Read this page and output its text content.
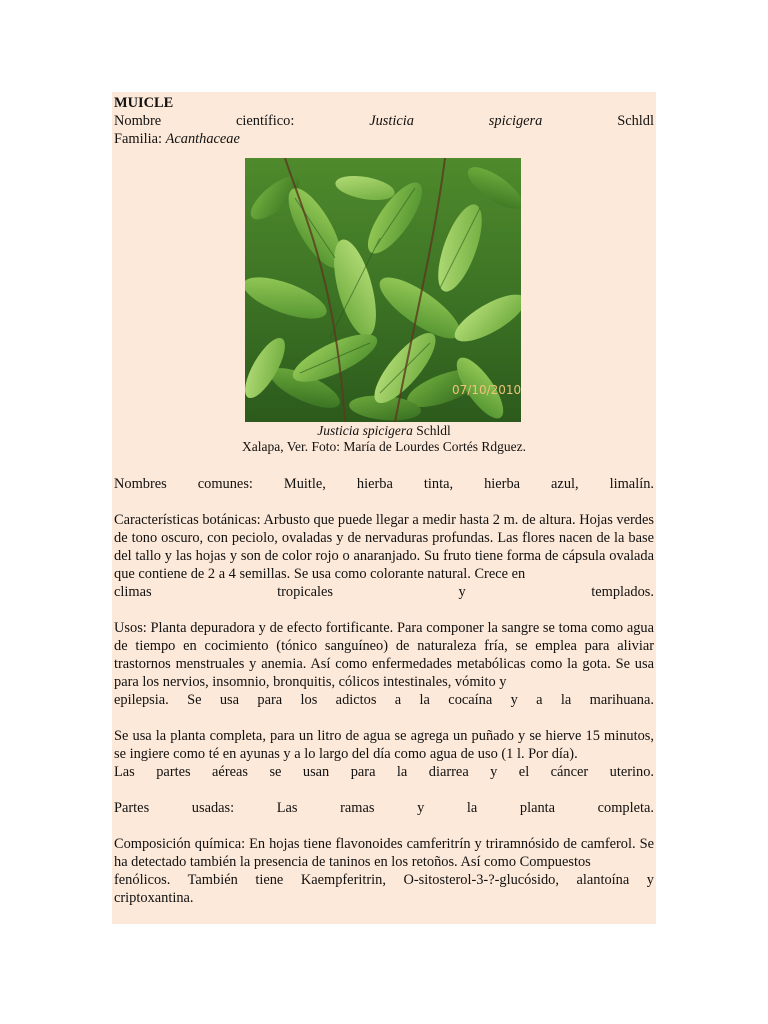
MUICLE

Nombre	científico:	Justicia	spicigera	Schldl

Familia: Acanthaceae

07/10/2010

Justicia spicigera Schldl

Xalapa, Ver. Foto: María de Lourdes Cortés Rdguez.

Nombres comunes: Muitle, hierba tinta, hierba azul, limalín.

Características botánicas: Arbusto que puede llegar a medir hasta 2 m. de altura. Hojas verdes de tono oscuro, con peciolo, ovaladas y de nervaduras profundas. Las flores nacen de la base del tallo y las hojas y son de color rojo o anaranjado. Su fruto tiene forma de cápsula ovalada que contiene de 2 a 4 semillas. Se usa como colorante natural. Crece en
climas tropicales y templados.
Usos: Planta depuradora y de efecto fortificante. Para componer la sangre se toma como agua de tiempo en cocimiento (tónico sanguíneo) de naturaleza fría, se emplea para aliviar trastornos menstruales y anemia. Así como enfermedades metabólicas como la gota. Se usa para los nervios, insomnio, bronquitis, cólicos intestinales, vómito y
epilepsia. Se usa para los adictos a la cocaína y a la marihuana.
Se usa la planta completa, para un litro de agua se agrega un puñado y se hierve 15 minutos, se ingiere como té en ayunas y a lo largo del día como agua de uso (1 l. Por día).
Las partes aéreas se usan para la diarrea y el cáncer uterino.

Partes usadas: Las ramas y la planta completa.

Composición química: En hojas tiene flavonoides camferitrín y triramnósido de camferol. Se ha detectado también la presencia de taninos en los retoños. Así como Compuestos
fenólicos. También tiene Kaempferitrin, O-sitosterol-3-?-glucósido, alantoína y
criptoxantina.
